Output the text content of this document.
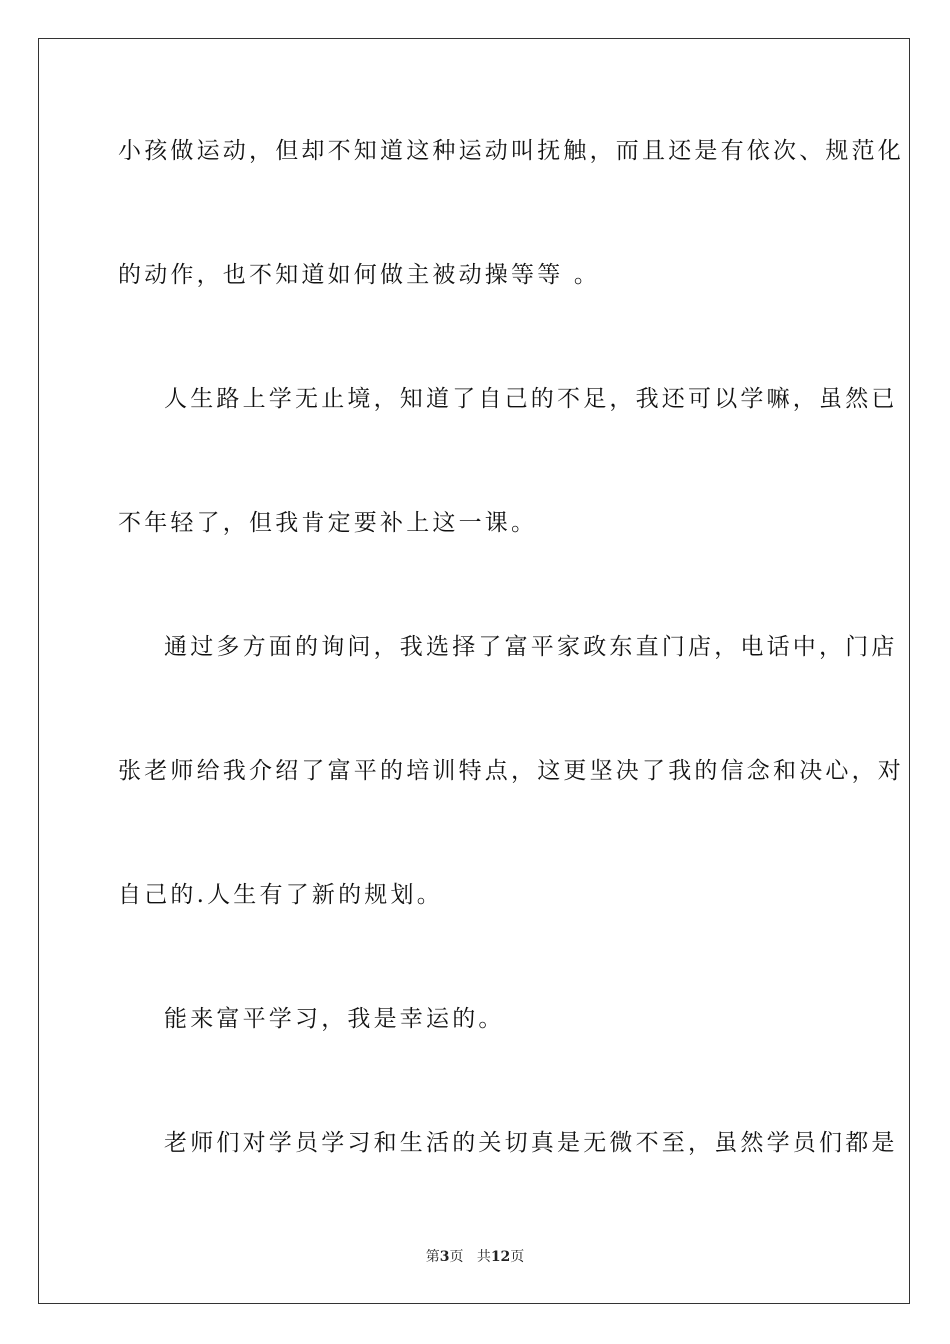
小孩做运动，但却不知道这种运动叫抚触，而且还是有依次、规范化
的动作，也不知道如何做主被动操等等 。
人生路上学无止境，知道了自己的不足，我还可以学嘛，虽然已
不年轻了，但我肯定要补上这一课。
通过多方面的询问，我选择了富平家政东直门店，电话中，门店
张老师给我介绍了富平的培训特点，这更坚决了我的信念和决心，对
自己的.人生有了新的规划。
能来富平学习，我是幸运的。
老师们对学员学习和生活的关切真是无微不至，虽然学员们都是
第3页 共12页
